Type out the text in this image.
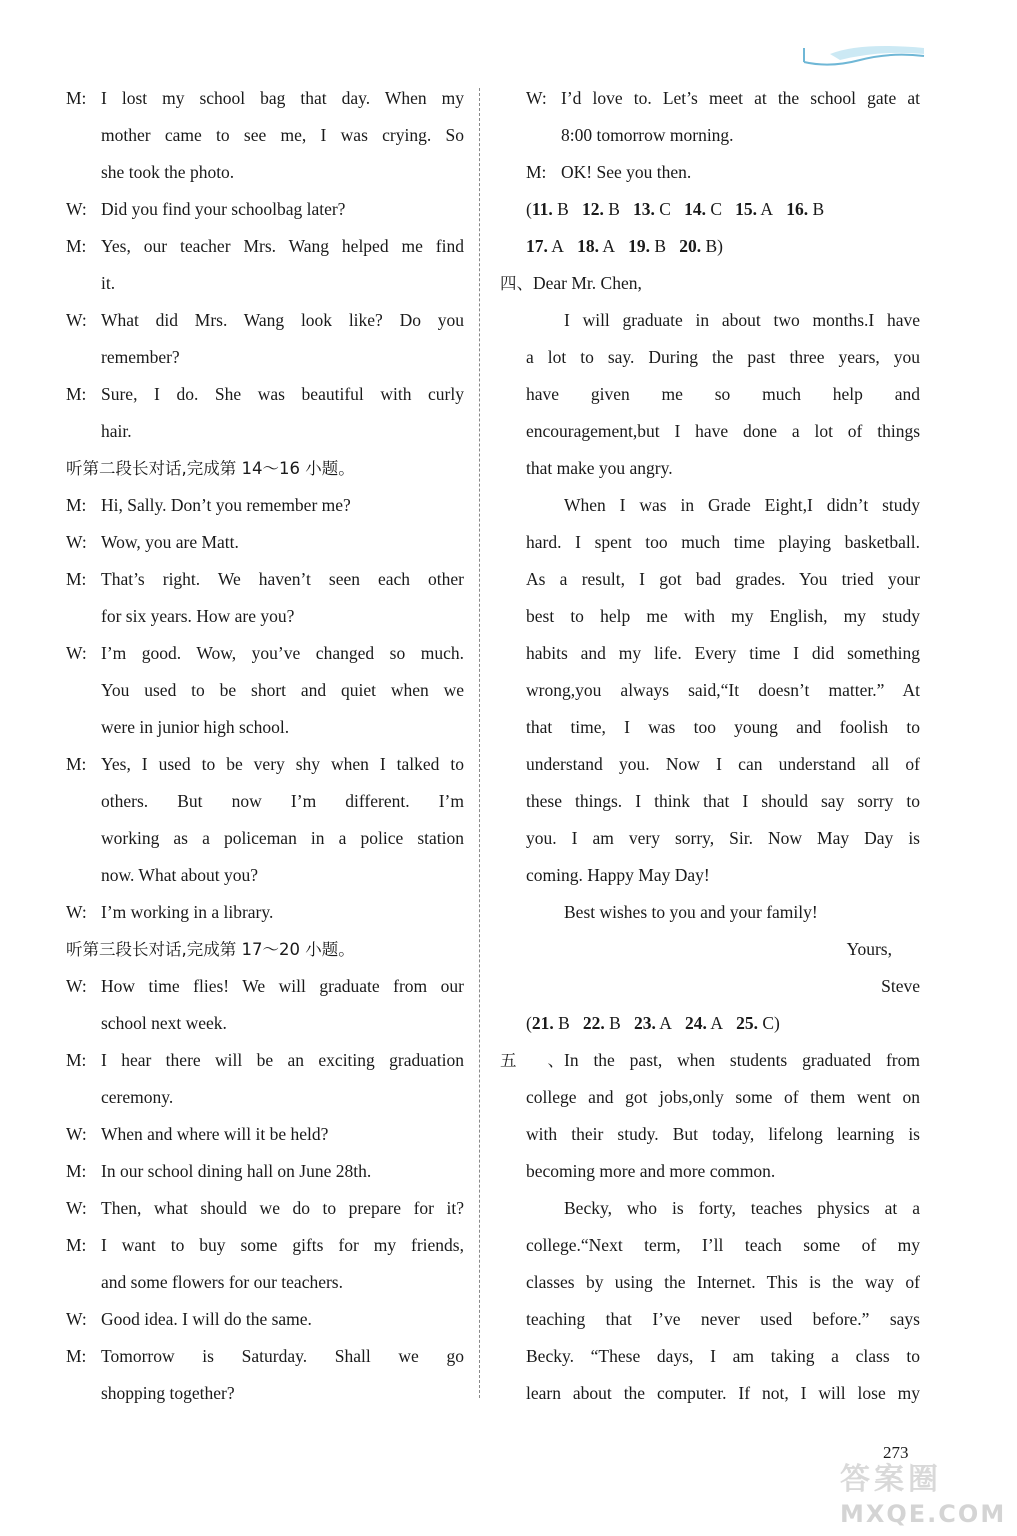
M: I lost my school bag that day. When my
mother came to see me, I was crying. So
she took the photo.
W: Did you find your schoolbag later?
M: Yes, our teacher Mrs. Wang helped me find
it.
W: What did Mrs. Wang look like? Do you
remember?
M: Sure, I do. She was beautiful with curly
hair.
听第二段长对话,完成第 14～16 小题。
M: Hi, Sally. Don’t you remember me?
W: Wow, you are Matt.
M: That’s right. We haven’t seen each other
for six years. How are you?
W: I’m good. Wow, you’ve changed so much.
You used to be short and quiet when we
were in junior high school.
M: Yes, I used to be very shy when I talked to
others. But now I’m different. I’m
working as a policeman in a police station
now. What about you?
W: I’m working in a library.
听第三段长对话,完成第 17～20 小题。
W: How time flies! We will graduate from our
school next week.
M: I hear there will be an exciting graduation
ceremony.
W: When and where will it be held?
M: In our school dining hall on June 28th.
W: Then, what should we do to prepare for it?
M: I want to buy some gifts for my friends,
and some flowers for our teachers.
W: Good idea. I will do the same.
M: Tomorrow is Saturday. Shall we go
shopping together?
W: I’d love to. Let’s meet at the school gate at
8:00 tomorrow morning.
M: OK! See you then.
(11. B 12. B 13. C 14. C 15. A 16. B
17. A 18. A 19. B 20. B)
四、Dear Mr. Chen,
I will graduate in about two months.I have
a lot to say. During the past three years, you
have given me so much help and
encouragement,but I have done a lot of things
that make you angry.
When I was in Grade Eight,I didn’t study
hard. I spent too much time playing basketball.
As a result, I got bad grades. You tried your
best to help me with my English, my study
habits and my life. Every time I did something
wrong,you always said,“It doesn’t matter.” At
that time, I was too young and foolish to
understand you. Now I can understand all of
these things. I think that I should say sorry to
you. I am very sorry, Sir. Now May Day is
coming. Happy May Day!
Best wishes to you and your family!
Yours,
Steve
(21. B 22. B 23. A 24. A 25. C)
五、In the past, when students graduated from
college and got jobs,only some of them went on
with their study. But today, lifelong learning is
becoming more and more common.
Becky, who is forty, teaches physics at a
college.“Next term, I’ll teach some of my
classes by using the Internet. This is the way of
teaching that I’ve never used before.” says
Becky. “These days, I am taking a class to
learn about the computer. If not, I will lose my
273
答案圈
MXQE.COM
